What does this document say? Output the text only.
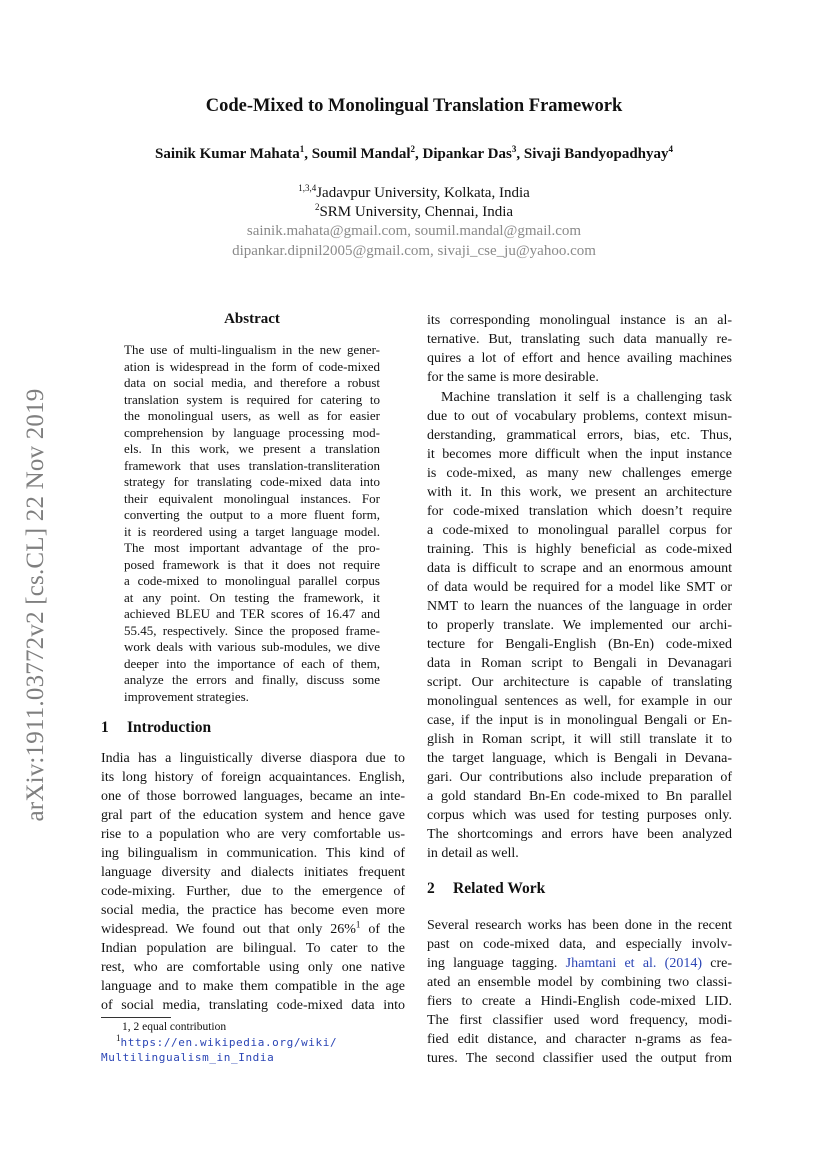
arXiv:1911.03772v2 [cs.CL] 22 Nov 2019
Code-Mixed to Monolingual Translation Framework
Sainik Kumar Mahata$^1$, Soumil Mandal$^2$, Dipankar Das$^3$, Sivaji Bandyopadhyay$^4$
$^{1,3,4}$Jadavpur University, Kolkata, India
$^2$SRM University, Chennai, India
sainik.mahata@gmail.com, soumil.mandal@gmail.com
dipankar.dipnil2005@gmail.com, sivaji_cse_ju@yahoo.com
Abstract
The use of multi-lingualism in the new gener-
ation is widespread in the form of code-mixed
data on social media, and therefore a robust
translation system is required for catering to
the monolingual users, as well as for easier
comprehension by language processing mod-
els. In this work, we present a translation
framework that uses translation-transliteration
strategy for translating code-mixed data into
their equivalent monolingual instances. For
converting the output to a more fluent form,
it is reordered using a target language model.
The most important advantage of the pro-
posed framework is that it does not require
a code-mixed to monolingual parallel corpus
at any point. On testing the framework, it
achieved BLEU and TER scores of 16.47 and
55.45, respectively. Since the proposed frame-
work deals with various sub-modules, we dive
deeper into the importance of each of them,
analyze the errors and finally, discuss some
improvement strategies.
1 Introduction
India has a linguistically diverse diaspora due to
its long history of foreign acquaintances. English,
one of those borrowed languages, became an inte-
gral part of the education system and hence gave
rise to a population who are very comfortable us-
ing bilingualism in communication. This kind of
language diversity and dialects initiates frequent
code-mixing. Further, due to the emergence of
social media, the practice has become even more
widespread. We found out that only 26%$^1$ of the
Indian population are bilingual. To cater to the
rest, who are comfortable using only one native
language and to make them compatible in the age
of social media, translating code-mixed data into
1, 2 equal contribution
$^1$https://en.wikipedia.org/wiki/
Multilingualism_in_India
its corresponding monolingual instance is an al-
ternative. But, translating such data manually re-
quires a lot of effort and hence availing machines
for the same is more desirable.
Machine translation it self is a challenging task
due to out of vocabulary problems, context misun-
derstanding, grammatical errors, bias, etc. Thus,
it becomes more difficult when the input instance
is code-mixed, as many new challenges emerge
with it. In this work, we present an architecture
for code-mixed translation which doesn’t require
a code-mixed to monolingual parallel corpus for
training. This is highly beneficial as code-mixed
data is difficult to scrape and an enormous amount
of data would be required for a model like SMT or
NMT to learn the nuances of the language in order
to properly translate. We implemented our archi-
tecture for Bengali-English (Bn-En) code-mixed
data in Roman script to Bengali in Devanagari
script. Our architecture is capable of translating
monolingual sentences as well, for example in our
case, if the input is in monolingual Bengali or En-
glish in Roman script, it will still translate it to
the target language, which is Bengali in Devana-
gari. Our contributions also include preparation of
a gold standard Bn-En code-mixed to Bn parallel
corpus which was used for testing purposes only.
The shortcomings and errors have been analyzed
in detail as well.
2 Related Work
Several research works has been done in the recent
past on code-mixed data, and especially involv-
ing language tagging. Jhamtani et al. (2014) cre-
ated an ensemble model by combining two classi-
fiers to create a Hindi-English code-mixed LID.
The first classifier used word frequency, modi-
fied edit distance, and character n-grams as fea-
tures. The second classifier used the output from
